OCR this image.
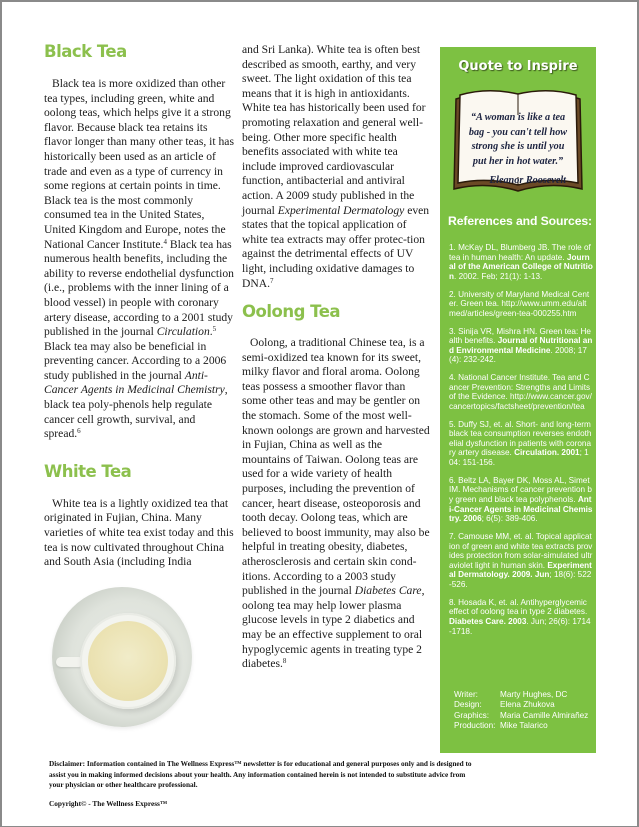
Black Tea

Black tea is more oxidized than other tea types, including green, white and oolong teas, which helps give it a strong flavor. Because black tea retains its flavor longer than many other teas, it has historically been used as an article of trade and even as a type of currency in some regions at certain points in time. Black tea is the most commonly consumed tea in the United States, United Kingdom and Europe, notes the National Cancer Institute.$^4$ Black tea has numerous health benefits, including the ability to reverse endothelial dysfunction (i.e., problems with the inner lining of a blood vessel) in people with coronary artery disease, according to a 2001 study published in the journal Circulation.$^5$ Black tea may also be beneficial in preventing cancer. According to a 2006 study published in the journal Anti-Cancer Agents in Medicinal Chemistry, black tea poly-phenols help regulate cancer cell growth, survival, and spread.$^6$

White Tea

White tea is a lightly oxidized tea that originated in Fujian, China. Many varieties of white tea exist today and this tea is now cultivated throughout China and South Asia (including India

and Sri Lanka). White tea is often best described as smooth, earthy, and very sweet. The light oxidation of this tea means that it is high in antioxidants. White tea has historically been used for promoting relaxation and general well-being. Other more specific health benefits associated with white tea include improved cardiovascular function, antibacterial and antiviral action. A 2009 study published in the journal Experimental Dermatology even states that the topical application of white tea extracts may offer protec-tion against the detrimental effects of UV light, including oxidative damages to DNA.$^7$

Oolong Tea

Oolong, a traditional Chinese tea, is a semi-oxidized tea known for its sweet, milky flavor and floral aroma. Oolong teas possess a smoother flavor than some other teas and may be gentler on the stomach. Some of the most well-known oolongs are grown and harvested in Fujian, China as well as the mountains of Taiwan. Oolong teas are used for a wide variety of health purposes, including the prevention of cancer, heart disease, osteoporosis and tooth decay. Oolong teas, which are believed to boost immunity, may also be helpful in treating obesity, diabetes, atherosclerosis and certain skin cond-itions. According to a 2003 study published in the journal Diabetes Care, oolong tea may help lower plasma glucose levels in type 2 diabetics and may be an effective supplement to oral hypoglycemic agents in treating type 2 diabetes.$^8$

Quote to Inspire
“A woman is like a tea bag - you can't tell how strong she is until you put her in hot water.”
Eleanor Roosevelt
References and Sources:
1. McKay DL, Blumberg JB. The role of tea in human health: An update. Journal of the American College of Nutrition. 2002. Feb; 21(1): 1-13.
2. University of Maryland Medical Center. Green tea. http://www.umm.edu/altmed/articles/green-tea-000255.htm
3. Sinija VR, Mishra HN. Green tea: Health benefits. Journal of Nutritional and Environmental Medicine. 2008; 17(4): 232-242.
4. National Cancer Institute. Tea and Cancer Prevention: Strengths and Limits of the Evidence. http://www.cancer.gov/cancertopics/factsheet/prevention/tea
5. Duffy SJ, et. al. Short- and long-term black tea consumption reverses endothelial dysfunction in patients with coronary artery disease. Circulation. 2001; 104: 151-156.
6. Beltz LA, Bayer DK, Moss AL, Simet IM. Mechanisms of cancer prevention by green and black tea polyphenols. Anti-Cancer Agents in Medicinal Chemistry. 2006; 6(5): 389-406.
7. Camouse MM, et. al. Topical application of green and white tea extracts provides protection from solar-simulated ultraviolet light in human skin. Experimental Dermatology. 2009. Jun; 18(6): 522-526.
8. Hosada K, et. al. Antihyperglycemic effect of oolong tea in type 2 diabetes. Diabetes Care. 2003. Jun; 26(6): 1714-1718.
Writer:	Marty Hughes, DC
Design:	Elena Zhukova
Graphics:	Maria Camille Almirañez
Production: Mike Talarico
Disclaimer: Information contained in The Wellness Express™ newsletter is for educational and general purposes only and is designed to assist you in making informed decisions about your health. Any information contained herein is not intended to substitute advice from your physician or other healthcare professional.
Copyright© - The Wellness Express™
